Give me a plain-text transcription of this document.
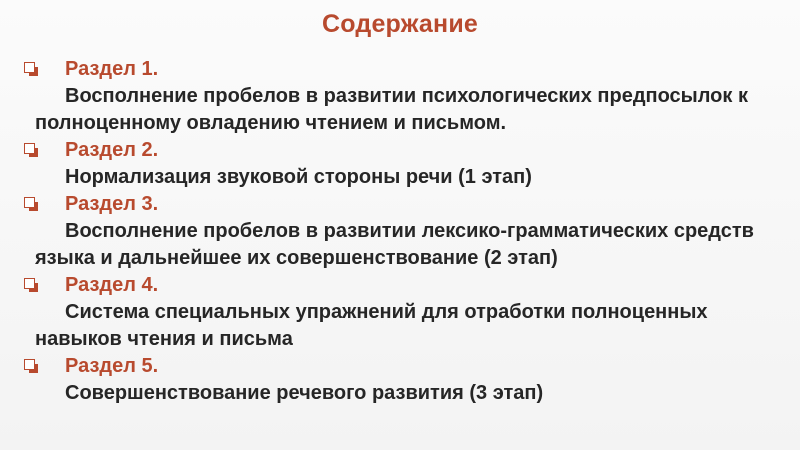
Содержание
Раздел 1.
Восполнение пробелов в развитии психологических предпосылок к полноценному овладению чтением и письмом.
Раздел 2.
Нормализация звуковой стороны речи (1 этап)
Раздел 3.
Восполнение пробелов в развитии лексико-грамматических средств языка и дальнейшее их совершенствование (2 этап)
Раздел 4.
Система специальных упражнений для отработки полноценных навыков чтения и письма
Раздел 5.
Совершенствование речевого развития (3 этап)
